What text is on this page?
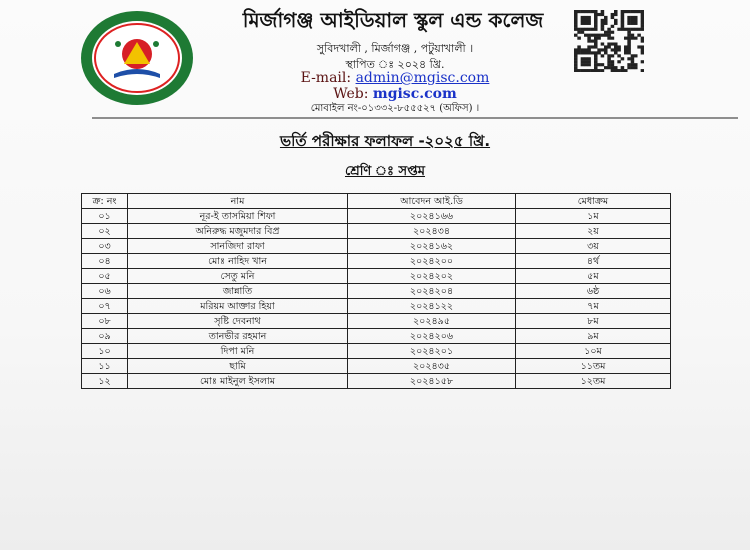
মির্জাগঞ্জ আইডিয়াল স্কুল এন্ড কলেজ
সুবিদখালী , মির্জাগঞ্জ , পটুয়াখালী ।
স্থাপিত ঃ ২০২৪ খ্রি.
E-mail: admin@mgisc.com
Web: mgisc.com
মোবাইল নং-০১৩৩২-৮৫৫৫২৭ (অফিস) ।
ভর্তি পরীক্ষার ফলাফল -২০২৫ খ্রি.
শ্রেণি ঃ সপ্তম
ক্র: নং	নাম	আবেদন আই.ডি	মেধাক্রম
০১	নূর-ই তাসমিয়া শিফা	২০২৪১৬৬	১ম
০২	অনিরুদ্ধ মজুমদার বিপ্র	২০২৪৩৪	২য়
০৩	সানজিদা রাফা	২০২৪১৬২	৩য়
০৪	মোঃ নাহিদ খান	২০২৪২০০	৪র্থ
০৫	সেতু মনি	২০২৪২০২	৫ম
০৬	জান্নাতি	২০২৪২০৪	৬ষ্ঠ
০৭	মরিয়ম আক্তার হিয়া	২০২৪১২২	৭ম
০৮	সৃষ্টি দেবনাথ	২০২৪৯৫	৮ম
০৯	তানভীর রহমান	২০২৪২০৬	৯ম
১০	দিপা মনি	২০২৪২০১	১০ম
১১	ছামি	২০২৪৩৫	১১তম
১২	মোঃ মাইনুল ইসলাম	২০২৪১৫৮	১২তম
